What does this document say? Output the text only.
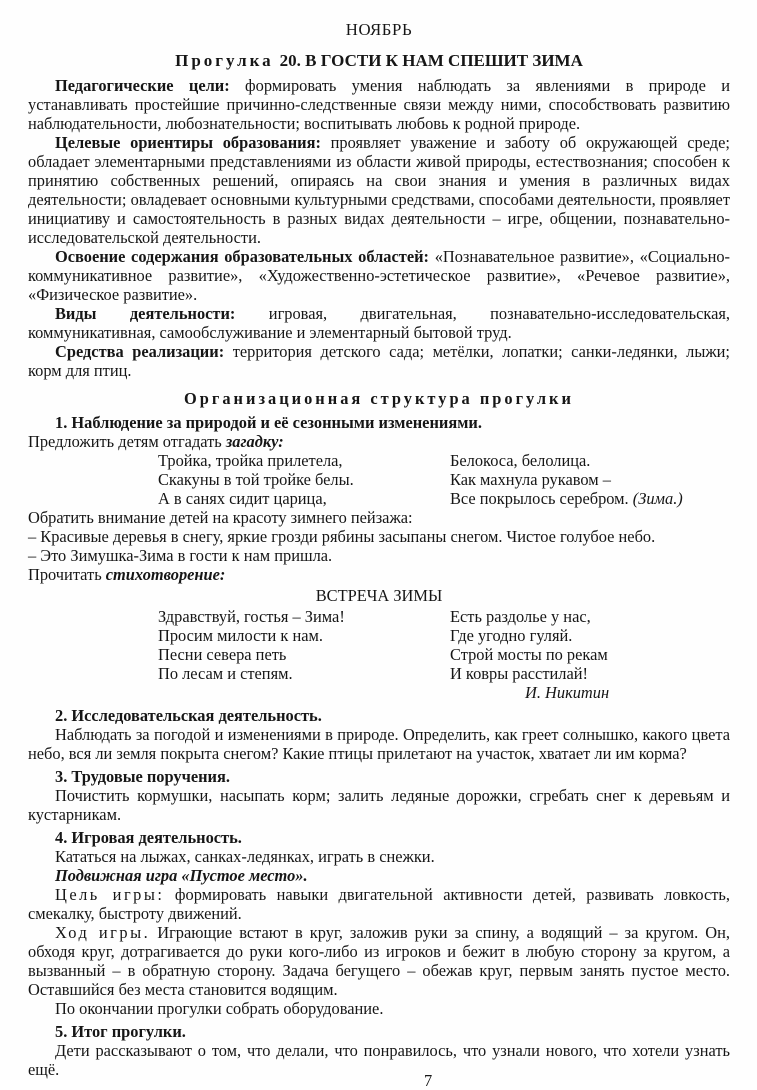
НОЯБРЬ
Прогулка 20. В ГОСТИ К НАМ СПЕШИТ ЗИМА

Педагогические цели: формировать умения наблюдать за явлениями в природе и устанавливать простейшие причинно-следственные связи между ними, способствовать развитию наблюдательности, любознательности; воспитывать любовь к родной природе.

Целевые ориентиры образования: проявляет уважение и заботу об окружающей среде; обладает элементарными представлениями из области живой природы, естествознания; способен к принятию собственных решений, опираясь на свои знания и умения в различных видах деятельности; овладевает основными культурными средствами, способами деятельности, проявляет инициативу и самостоятельность в разных видах деятельности – игре, общении, познавательно-исследовательской деятельности.

Освоение содержания образовательных областей: «Познавательное развитие», «Социально-коммуникативное развитие», «Художественно-эстетическое развитие», «Речевое развитие», «Физическое развитие».

Виды деятельности: игровая, двигательная, познавательно-исследовательская, коммуникативная, самообслуживание и элементарный бытовой труд.

Средства реализации: территория детского сада; метёлки, лопатки; санки-ледянки, лыжи; корм для птиц.

Организационная структура прогулки

1. Наблюдение за природой и её сезонными изменениями.

Предложить детям отгадать загадку:

Тройка, тройка прилетела,
Скакуны в той тройке белы.
А в санях сидит царица,
Белокоса, белолица.
Как махнула рукавом –
Все покрылось серебром. (Зима.)

Обратить внимание детей на красоту зимнего пейзажа:

– Красивые деревья в снегу, яркие грозди рябины засыпаны снегом. Чистое голубое небо.

– Это Зимушка-Зима в гости к нам пришла.

Прочитать стихотворение:

ВСТРЕЧА ЗИМЫ
Здравствуй, гостья – Зима!
Просим милости к нам.
Песни севера петь
По лесам и степям.
Есть раздолье у нас,
Где угодно гуляй.
Строй мосты по рекам
И ковры расстилай!
И. Никитин

2. Исследовательская деятельность.

Наблюдать за погодой и изменениями в природе. Определить, как греет солнышко, какого цвета небо, вся ли земля покрыта снегом? Какие птицы прилетают на участок, хватает ли им корма?

3. Трудовые поручения.

Почистить кормушки, насыпать корм; залить ледяные дорожки, сгребать снег к деревьям и кустарникам.

4. Игровая деятельность.

Кататься на лыжах, санках-ледянках, играть в снежки.

Подвижная игра «Пустое место».

Цель игры: формировать навыки двигательной активности детей, развивать ловкость, смекалку, быстроту движений.

Ход игры. Играющие встают в круг, заложив руки за спину, а водящий – за кругом. Он, обходя круг, дотрагивается до руки кого-либо из игроков и бежит в любую сторону за кругом, а вызванный – в обратную сторону. Задача бегущего – обежав круг, первым занять пустое место. Оставшийся без места становится водящим.

По окончании прогулки собрать оборудование.

5. Итог прогулки.

Дети рассказывают о том, что делали, что понравилось, что узнали нового, что хотели узнать ещё.

7
